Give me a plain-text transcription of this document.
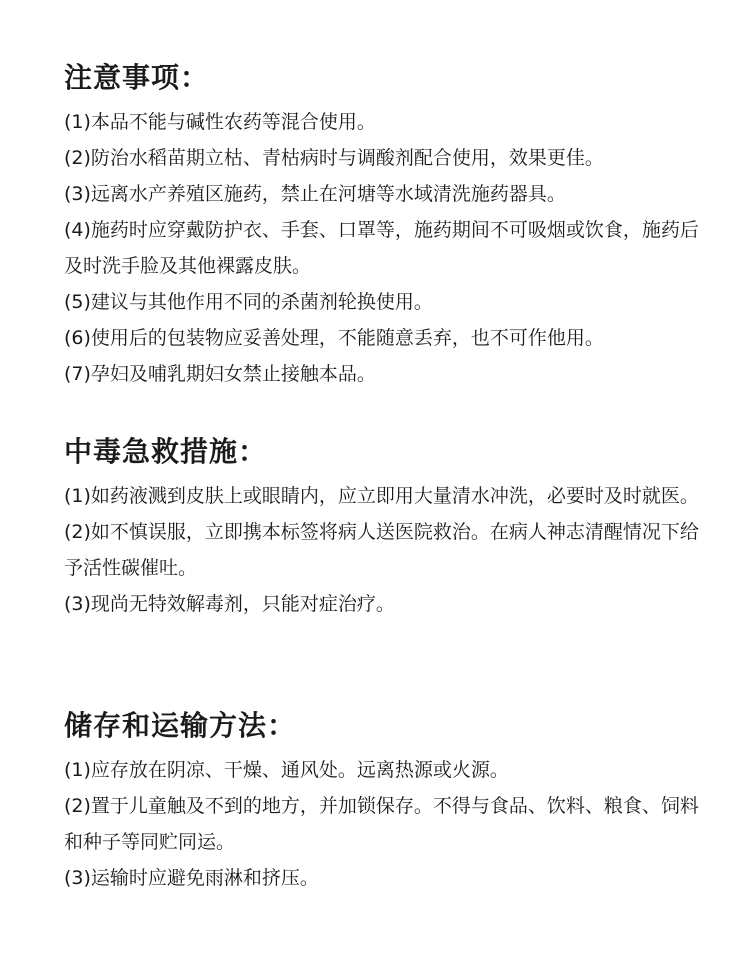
注意事项：

(1)本品不能与碱性农药等混合使用。

(2)防治水稻苗期立枯、青枯病时与调酸剂配合使用，效果更佳。

(3)远离水产养殖区施药，禁止在河塘等水域清洗施药器具。

(4)施药时应穿戴防护衣、手套、口罩等，施药期间不可吸烟或饮食，施药后及时洗手脸及其他裸露皮肤。

(5)建议与其他作用不同的杀菌剂轮换使用。

(6)使用后的包装物应妥善处理，不能随意丢弃，也不可作他用。

(7)孕妇及哺乳期妇女禁止接触本品。

中毒急救措施：

(1)如药液溅到皮肤上或眼睛内，应立即用大量清水冲洗，必要时及时就医。

(2)如不慎误服，立即携本标签将病人送医院救治。在病人神志清醒情况下给予活性碳催吐。

(3)现尚无特效解毒剂，只能对症治疗。

储存和运输方法：

(1)应存放在阴凉、干燥、通风处。远离热源或火源。

(2)置于儿童触及不到的地方，并加锁保存。不得与食品、饮料、粮食、饲料和种子等同贮同运。

(3)运输时应避免雨淋和挤压。
